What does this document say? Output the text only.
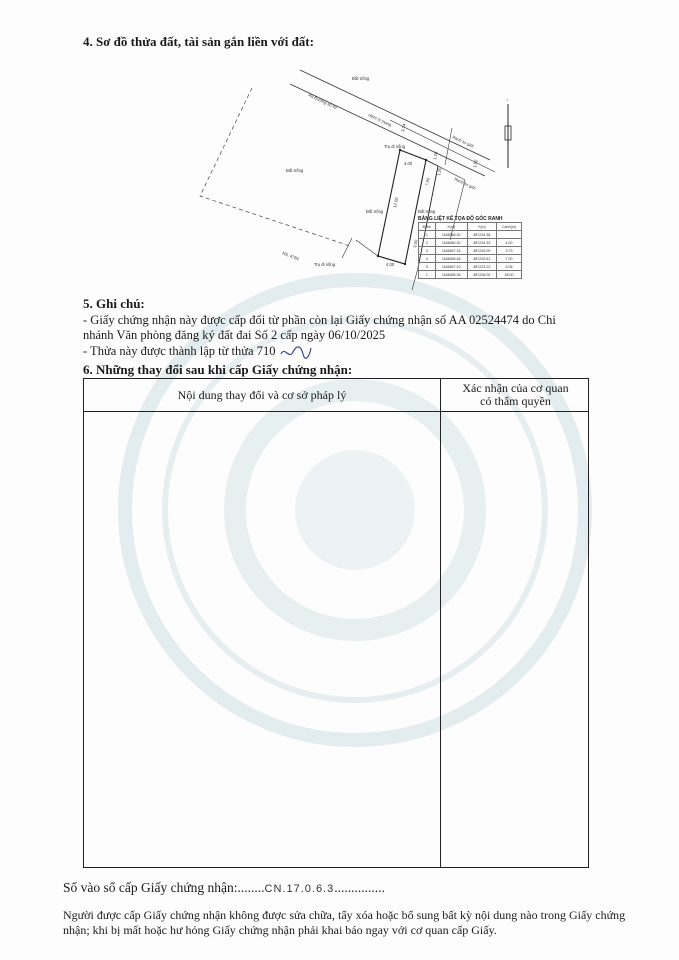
4. Sơ đồ thửa đất, tài sản gắn liền với đất:
↑
Đất trống
Ra Đường số 42
Hẻm ni mang
Đất trống
Đất trống	Đất trống
Trụ đi nống
Trụ đi nống
Ranh tư giới
Ranh tư giới
NS, 4784
4.00
4.00
12.00
7.00
3.00
1.20
1.20
1.50
3.34
BẢNG LIỆT KÊ TỌA ĐỘ GÓC RANH
Điểm	X(m)	Y(m)	Cạnh(m)
1	1184668.30	587234.38	
2	1184660.30	587234.33	4.00
3	1184667.16	587230.09	3.73
4	1184655.48	587229.61	7.00
5	1184667.20	587223.22	6.06
1	1184656.38	587236.00	28.00
5. Ghi chú:
- Giấy chứng nhận này được cấp đổi từ phần còn lại Giấy chứng nhận số AA 02524474 do Chi
nhánh Văn phòng đăng ký đất đai Số 2 cấp ngày 06/10/2025
- Thửa này được thành lập từ thửa 710
6. Những thay đổi sau khi cấp Giấy chứng nhận:
Nội dung thay đổi và cơ sở pháp lý	Xác nhận của cơ quan
có thẩm quyền
Số vào sổ cấp Giấy chứng nhận:........CN.17.0.6.3...............
Người được cấp Giấy chứng nhận không được sửa chữa, tẩy xóa hoặc bổ sung bất kỳ nội dung nào trong Giấy chứng nhận; khi bị mất hoặc hư hỏng Giấy chứng nhận phải khai báo ngay với cơ quan cấp Giấy.
